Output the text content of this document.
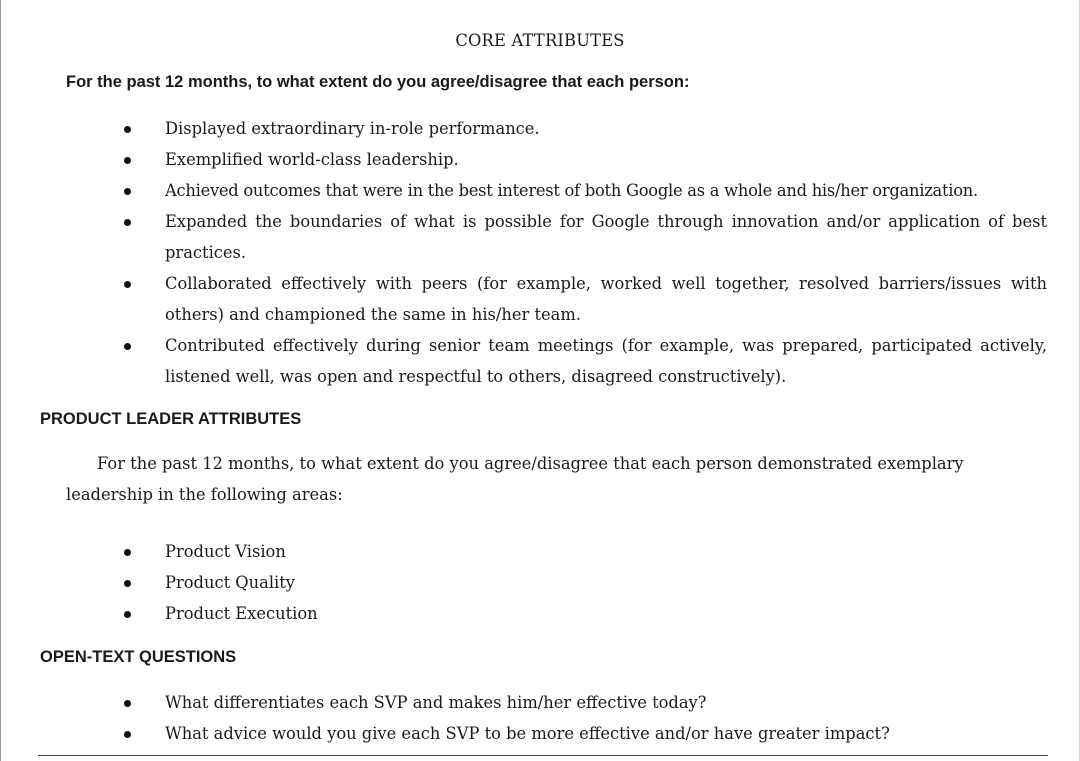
CORE ATTRIBUTES
For the past 12 months, to what extent do you agree/disagree that each person:
Displayed extraordinary in-role performance.
Exemplified world-class leadership.
Achieved outcomes that were in the best interest of both Google as a whole and his/her organization.
Expanded the boundaries of what is possible for Google through innovation and/or application of best practices.
Collaborated effectively with peers (for example, worked well together, resolved barriers/issues with others) and championed the same in his/her team.
Contributed effectively during senior team meetings (for example, was prepared, participated actively, listened well, was open and respectful to others, disagreed constructively).
PRODUCT LEADER ATTRIBUTES
For the past 12 months, to what extent do you agree/disagree that each person demonstrated exemplary leadership in the following areas:
Product Vision
Product Quality
Product Execution
OPEN-TEXT QUESTIONS
What differentiates each SVP and makes him/her effective today?
What advice would you give each SVP to be more effective and/or have greater impact?
